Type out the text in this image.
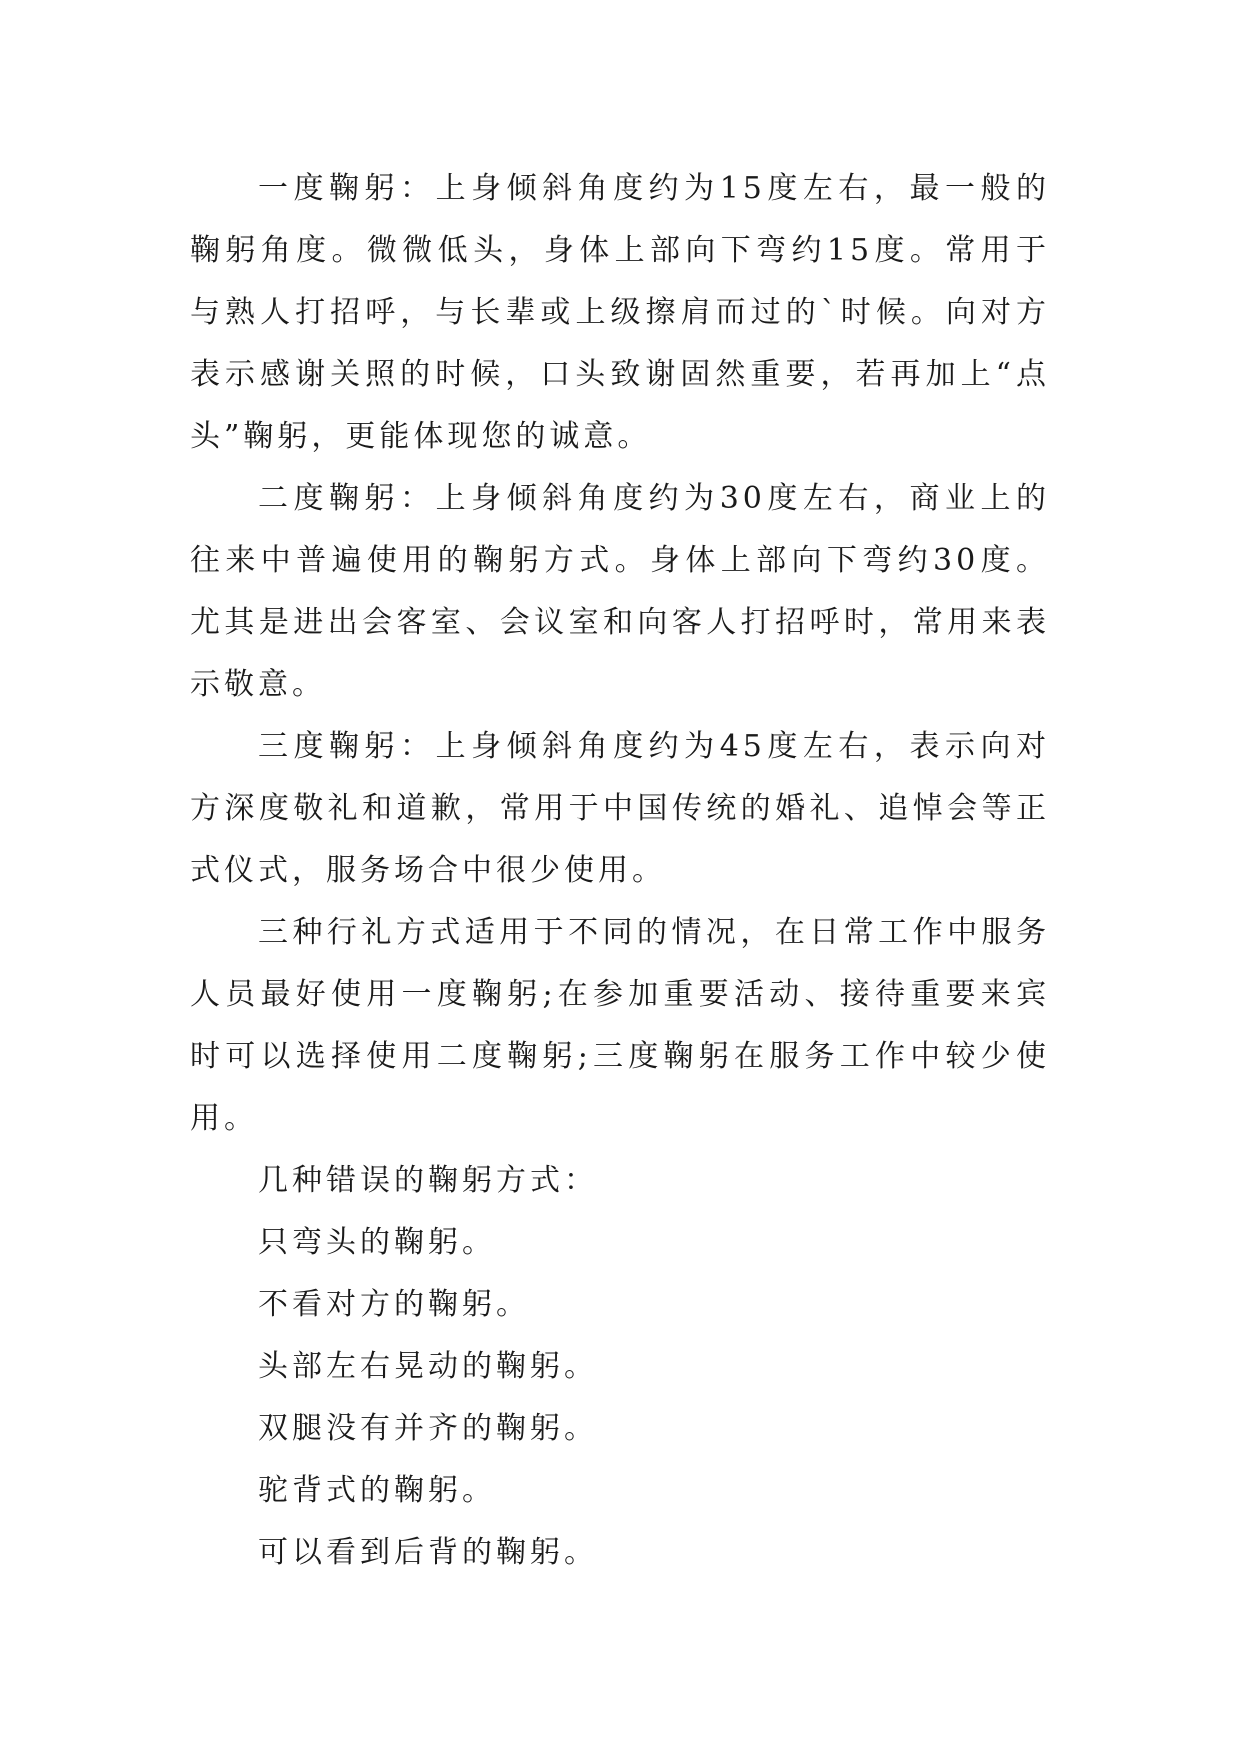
一度鞠躬：上身倾斜角度约为15度左右，最一般的鞠躬角度。微微低头，身体上部向下弯约15度。常用于与熟人打招呼，与长辈或上级擦肩而过的`时候。向对方表示感谢关照的时候，口头致谢固然重要，若再加上“点头”鞠躬，更能体现您的诚意。

二度鞠躬：上身倾斜角度约为30度左右，商业上的往来中普遍使用的鞠躬方式。身体上部向下弯约30度。尤其是进出会客室、会议室和向客人打招呼时，常用来表示敬意。

三度鞠躬：上身倾斜角度约为45度左右，表示向对方深度敬礼和道歉，常用于中国传统的婚礼、追悼会等正式仪式，服务场合中很少使用。

三种行礼方式适用于不同的情况，在日常工作中服务人员最好使用一度鞠躬;在参加重要活动、接待重要来宾时可以选择使用二度鞠躬;三度鞠躬在服务工作中较少使用。

几种错误的鞠躬方式：

只弯头的鞠躬。

不看对方的鞠躬。

头部左右晃动的鞠躬。

双腿没有并齐的鞠躬。

驼背式的鞠躬。

可以看到后背的鞠躬。
